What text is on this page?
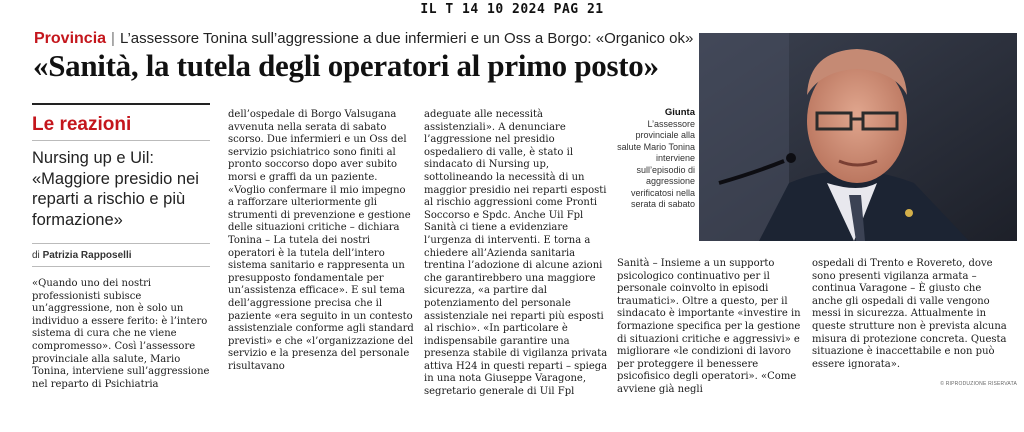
IL T 14 10 2024 PAG 21
Provincia | L’assessore Tonina sull’aggressione a due infermieri e un Oss a Borgo: «Organico ok»
«Sanità, la tutela degli operatori al primo posto»
Le reazioni
Nursing up e Uil: «Maggiore presidio nei reparti a rischio e più formazione»
di Patrizia Rapposelli

«Quando uno dei nostri professionisti subisce un’aggressione, non è solo un individuo a essere ferito: è l’intero sistema di cura che ne viene compromesso». Così l’assessore provinciale alla salute, Mario Tonina, interviene sull’aggressione nel reparto di Psichiatria

dell’ospedale di Borgo Valsugana avvenuta nella serata di sabato scorso. Due infermieri e un Oss del servizio psichiatrico sono finiti al pronto soccorso dopo aver subito morsi e graffi da un paziente. «Voglio confermare il mio impegno a rafforzare ulteriormente gli strumenti di prevenzione e gestione delle situazioni critiche – dichiara Tonina – La tutela dei nostri operatori è la tutela dell’intero sistema sanitario e rappresenta un presupposto fondamentale per un’assistenza efficace». E sul tema dell’aggressione precisa che il paziente «era seguito in un contesto assistenziale conforme agli standard previsti» e che «l’organizzazione del servizio e la presenza del personale risultavano

adeguate alle necessità assistenziali». A denunciare l’aggressione nel presidio ospedaliero di valle, è stato il sindacato di Nursing up, sottolineando la necessità di un maggior presidio nei reparti esposti al rischio aggressioni come Pronti Soccorso e Spdc. Anche Uil Fpl Sanità ci tiene a evidenziare l’urgenza di interventi. E torna a chiedere all’Azienda sanitaria trentina l’adozione di alcune azioni che garantirebbero una maggiore sicurezza, «a partire dal potenziamento del personale assistenziale nei reparti più esposti al rischio». «In particolare è indispensabile garantire una presenza stabile di vigilanza privata attiva H24 in questi reparti – spiega in una nota Giuseppe Varagone, segretario generale di Uil Fpl

Giunta
L’assessore provinciale alla salute Mario Tonina interviene sull’episodio di aggressione verificatosi nella serata di sabato

Sanità – Insieme a un supporto psicologico continuativo per il personale coinvolto in episodi traumatici». Oltre a questo, per il sindacato è importante «investire in formazione specifica per la gestione di situazioni critiche e aggressivi» e migliorare «le condizioni di lavoro per proteggere il benessere psicofisico degli operatori». «Come avviene già negli

ospedali di Trento e Rovereto, dove sono presenti vigilanza armata – continua Varagone – È giusto che anche gli ospedali di valle vengono messi in sicurezza. Attualmente in queste strutture non è prevista alcuna misura di protezione concreta. Questa situazione è inaccettabile e non può essere ignorata».

© RIPRODUZIONE RISERVATA
